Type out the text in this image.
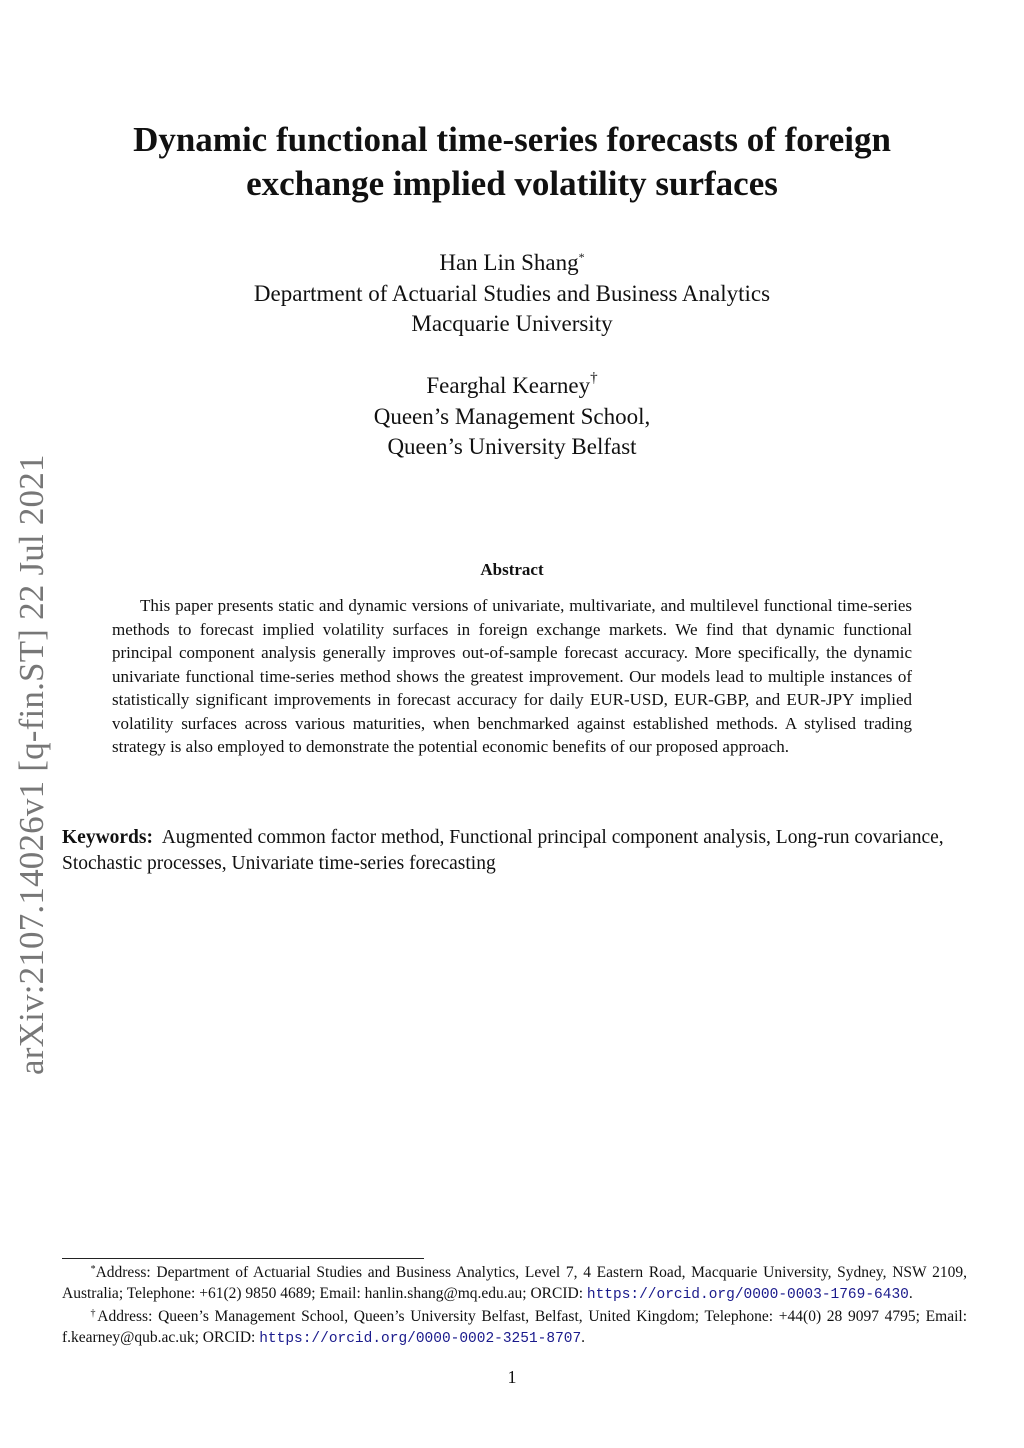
Dynamic functional time-series forecasts of foreign
exchange implied volatility surfaces
Han Lin Shang*
Department of Actuarial Studies and Business Analytics
Macquarie University
Fearghal Kearney†
Queen’s Management School,
Queen’s University Belfast
arXiv:2107.14026v1 [q-fin.ST] 22 Jul 2021	Abstract
This paper presents static and dynamic versions of univariate, multivariate, and multilevel functional time-series methods to forecast implied volatility surfaces in foreign exchange markets. We find that dynamic functional principal component analysis generally improves out-of-sample forecast accuracy. More specifically, the dynamic univariate functional time-series method shows the greatest improvement. Our models lead to multiple instances of statistically significant improvements in forecast accuracy for daily EUR-USD, EUR-GBP, and EUR-JPY implied volatility surfaces across various maturities, when benchmarked against established methods. A stylised trading strategy is also employed to demonstrate the potential economic benefits of our proposed approach.
Keywords: Augmented common factor method, Functional principal component analysis, Long-run covariance, Stochastic processes, Univariate time-series forecasting

*Address: Department of Actuarial Studies and Business Analytics, Level 7, 4 Eastern Road, Macquarie University, Sydney, NSW 2109, Australia; Telephone: +61(2) 9850 4689; Email: hanlin.shang@mq.edu.au; ORCID: https://orcid.org/0000-0003-1769-6430.

†Address: Queen’s Management School, Queen’s University Belfast, Belfast, United Kingdom; Telephone: +44(0) 28 9097 4795; Email: f.kearney@qub.ac.uk; ORCID: https://orcid.org/0000-0002-3251-8707.

1
